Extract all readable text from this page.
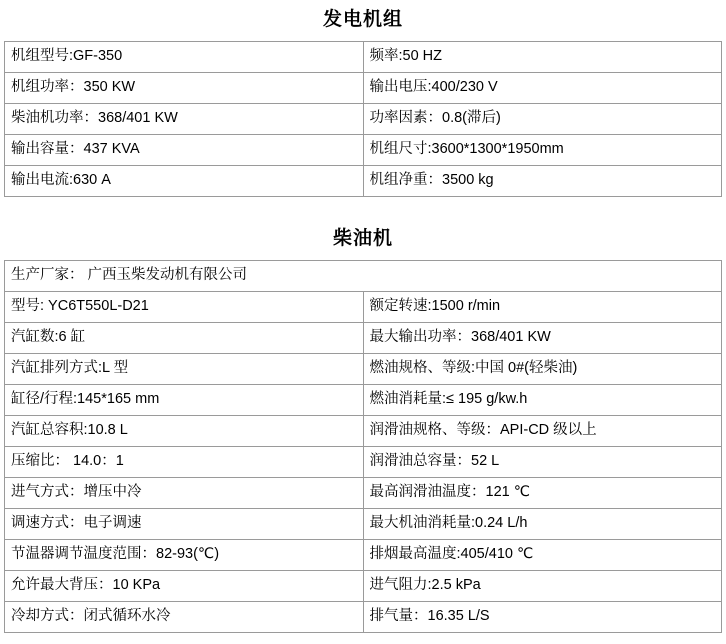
发电机组
机组型号:GF-350	频率:50 HZ
机组功率：350 KW	输出电压:400/230 V
柴油机功率：368/401 KW	功率因素：0.8(滞后)
输出容量：437 KVA	机组尺寸:3600*1300*1950mm
输出电流:630 A	机组净重：3500 kg
柴油机
生产厂家： 广西玉柴发动机有限公司	
型号: YC6T550L-D21	额定转速:1500 r/min
汽缸数:6 缸	最大输出功率：368/401 KW
汽缸排列方式:L 型	燃油规格、等级:中国 0#(轻柴油)
缸径/行程:145*165 mm	燃油消耗量:≤ 195 g/kw.h
汽缸总容积:10.8 L	润滑油规格、等级：API-CD 级以上
压缩比： 14.0：1	润滑油总容量：52 L
进气方式：增压中冷	最高润滑油温度：121 ℃
调速方式：电子调速	最大机油消耗量:0.24 L/h
节温器调节温度范围：82-93(℃)	排烟最高温度:405/410 ℃
允许最大背压：10 KPa	进气阻力:2.5 kPa
冷却方式：闭式循环水冷	排气量：16.35 L/S
